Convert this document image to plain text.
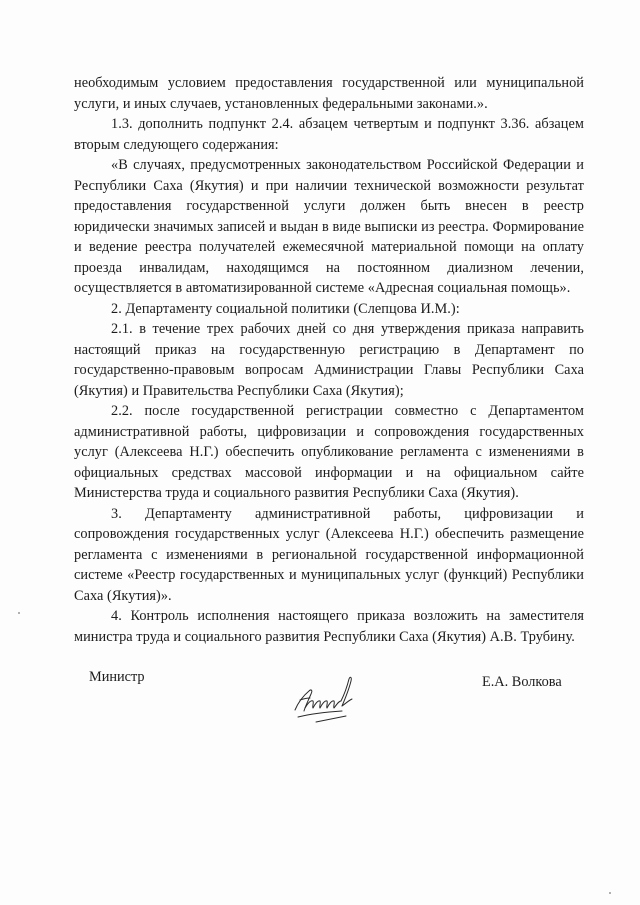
необходимым условием предоставления государственной или муниципальной услуги, и иных случаев, установленных федеральными законами.».

1.3. дополнить подпункт 2.4. абзацем четвертым и подпункт 3.36. абзацем вторым следующего содержания:

«В случаях, предусмотренных законодательством Российской Федерации и Республики Саха (Якутия) и при наличии технической возможности результат предоставления государственной услуги должен быть внесен в реестр юридически значимых записей и выдан в виде выписки из реестра. Формирование и ведение реестра получателей ежемесячной материальной помощи на оплату проезда инвалидам, находящимся на постоянном диализном лечении, осуществляется в автоматизированной системе «Адресная социальная помощь».

2. Департаменту социальной политики (Слепцова И.М.):

2.1. в течение трех рабочих дней со дня утверждения приказа направить настоящий приказ на государственную регистрацию в Департамент по государственно-правовым вопросам Администрации Главы Республики Саха (Якутия) и Правительства Республики Саха (Якутия);

2.2. после государственной регистрации совместно с Департаментом административной работы, цифровизации и сопровождения государственных услуг (Алексеева Н.Г.) обеспечить опубликование регламента с изменениями в официальных средствах массовой информации и на официальном сайте Министерства труда и социального развития Республики Саха (Якутия).

3. Департаменту административной работы, цифровизации и сопровождения государственных услуг (Алексеева Н.Г.) обеспечить размещение регламента с изменениями в региональной государственной информационной системе «Реестр государственных и муниципальных услуг (функций) Республики Саха (Якутия)».

4. Контроль исполнения настоящего приказа возложить на заместителя министра труда и социального развития Республики Саха (Якутия) А.В. Трубину.

Министр	Е.А. Волкова
